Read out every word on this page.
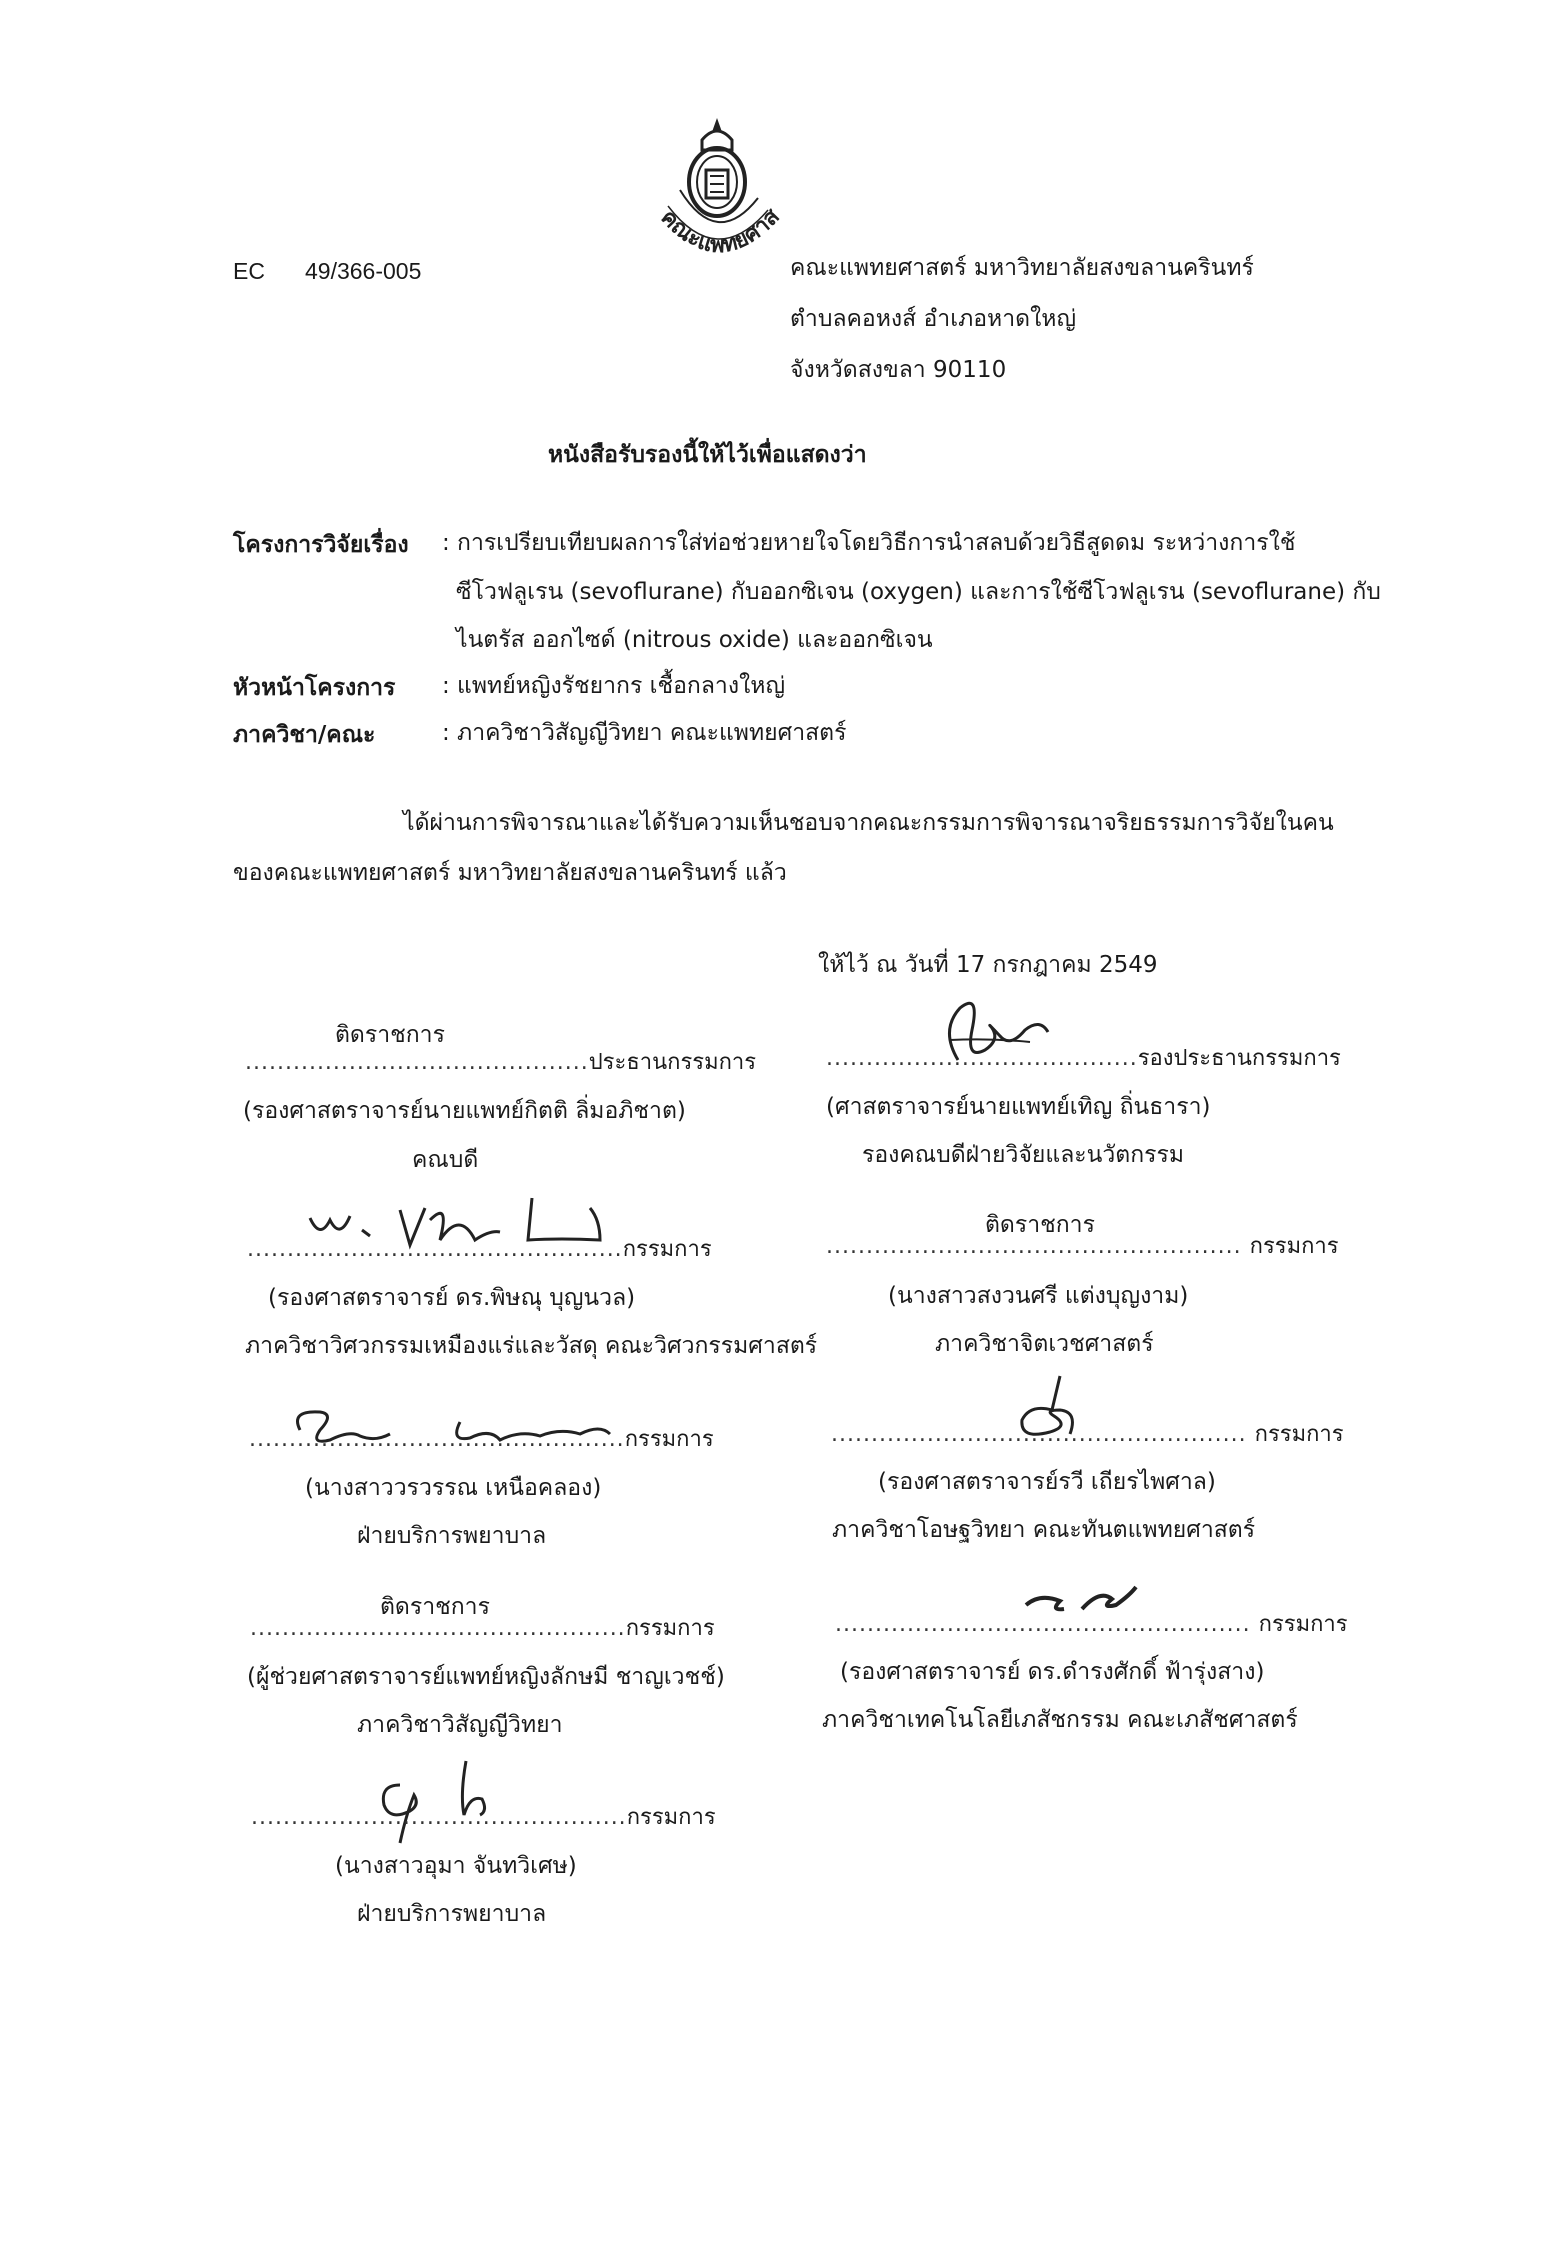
คณะแพทยศาส
EC 49/366-005	คณะแพทยศาสตร์ มหาวิทยาลัยสงขลานครินทร์
ตำบลคอหงส์ อำเภอหาดใหญ่
จังหวัดสงขลา 90110
หนังสือรับรองนี้ให้ไว้เพื่อแสดงว่า
โครงการวิจัยเรื่อง : การเปรียบเทียบผลการใส่ท่อช่วยหายใจโดยวิธีการนำสลบด้วยวิธีสูดดม ระหว่างการใช้
ซีโวฟลูเรน (sevoflurane) กับออกซิเจน (oxygen) และการใช้ซีโวฟลูเรน (sevoflurane) กับ
ไนตรัส ออกไซด์ (nitrous oxide) และออกซิเจน
หัวหน้าโครงการ : แพทย์หญิงรัชยากร เชื้อกลางใหญ่
ภาควิชา/คณะ	: ภาควิชาวิสัญญีวิทยา คณะแพทยศาสตร์
ได้ผ่านการพิจารณาและได้รับความเห็นชอบจากคณะกรรมการพิจารณาจริยธรรมการวิจัยในคน
ของคณะแพทยศาสตร์ มหาวิทยาลัยสงขลานครินทร์ แล้ว
ให้ไว้ ณ วันที่ 17 กรกฎาคม 2549
ติดราชการ
...........................................ประธานกรรมการ
(รองศาสตราจารย์นายแพทย์กิตติ ลิ่มอภิชาต)
คณบดี
.......................................รองประธานกรรมการ
(ศาสตราจารย์นายแพทย์เทิญ ถิ่นธารา)
รองคณบดีฝ่ายวิจัยและนวัตกรรม
...............................................กรรมการ
(รองศาสตราจารย์ ดร.พิษณุ บุญนวล)
ภาควิชาวิศวกรรมเหมืองแร่และวัสดุ คณะวิศวกรรมศาสตร์
ติดราชการ
.................................................... กรรมการ
(นางสาวสงวนศรี แต่งบุญงาม)
ภาควิชาจิตเวชศาสตร์
...............................................กรรมการ
(นางสาววรวรรณ เหนือคลอง)
ฝ่ายบริการพยาบาล
.................................................... กรรมการ
(รองศาสตราจารย์รวี เถียรไพศาล)
ภาควิชาโอษฐวิทยา คณะทันตแพทยศาสตร์
ติดราชการ
...............................................กรรมการ
(ผู้ช่วยศาสตราจารย์แพทย์หญิงลักษมี ชาญเวชช์)
ภาควิชาวิสัญญีวิทยา
.................................................... กรรมการ
(รองศาสตราจารย์ ดร.ดำรงศักดิ์ ฟ้ารุ่งสาง)
ภาควิชาเทคโนโลยีเภสัชกรรม คณะเภสัชศาสตร์
...............................................กรรมการ
(นางสาวอุมา จันทวิเศษ)
ฝ่ายบริการพยาบาล
